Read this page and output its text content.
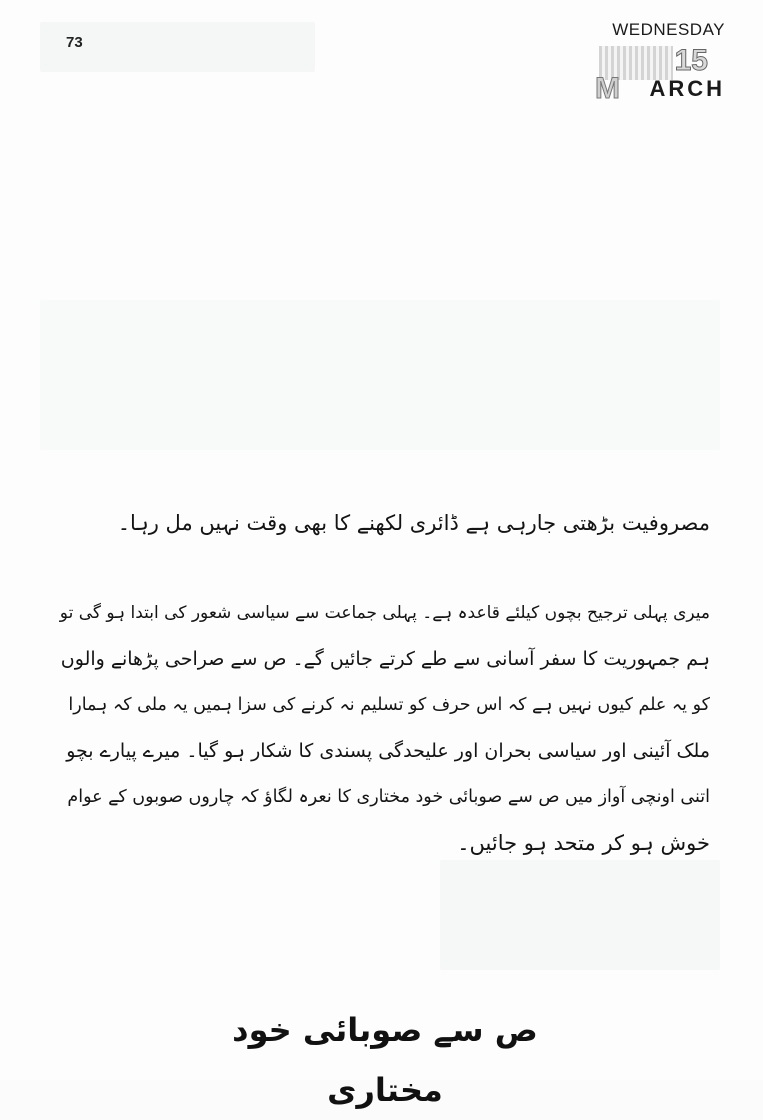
73
WEDNESDAY
15
M ARCH
مصروفیت بڑھتی جارہی ہے ڈائری لکھنے کا بھی وقت نہیں مل رہا۔
میری پہلی ترجیح بچوں کیلئے قاعدہ ہے۔ پہلی جماعت سے سیاسی شعور کی ابتدا ہو گی تو
ہم جمہوریت کا سفر آسانی سے طے کرتے جائیں گے۔ ص سے صراحی پڑھانے والوں
کو یہ علم کیوں نہیں ہے کہ اس حرف کو تسلیم نہ کرنے کی سزا ہمیں یہ ملی کہ ہمارا
ملک آئینی اور سیاسی بحران اور علیحدگی پسندی کا شکار ہو گیا۔ میرے پیارے بچو
اتنی اونچی آواز میں ص سے صوبائی خود مختاری کا نعرہ لگاؤ کہ چاروں صوبوں کے عوام
خوش ہو کر متحد ہو جائیں۔
ص سے صوبائی خود مختاری
